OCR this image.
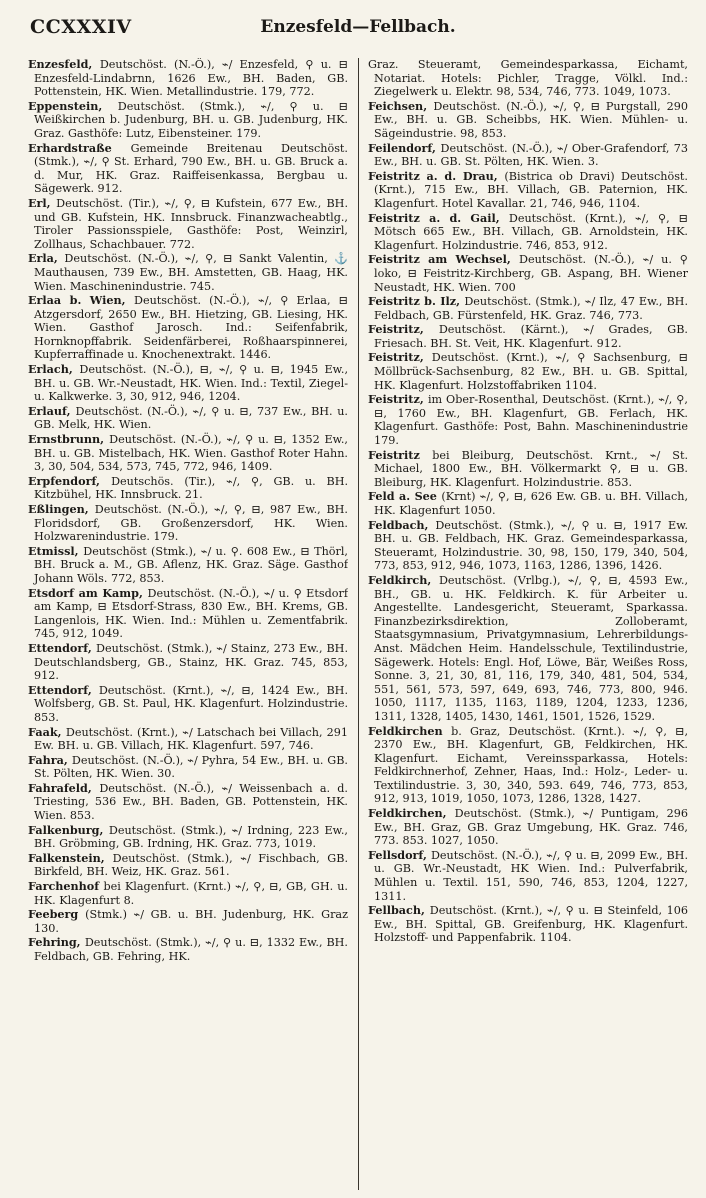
CCXXXIV	Enzesfeld—Fellbach.

Enzesfeld, Deutschöst. (N.-Ö.), ⌁/ Enzesfeld, ⚲ u. ⊟ Enzesfeld-Lindabrnn, 1626 Ew., BH. Baden, GB. Pottenstein, HK. Wien. Metallindustrie. 179, 772.

Eppenstein, Deutschöst. (Stmk.), ⌁/, ⚲ u. ⊟ Weißkirchen b. Judenburg, BH. u. GB. Judenburg, HK. Graz. Gasthöfe: Lutz, Eibensteiner. 179.

Erhardstraße Gemeinde Breitenau Deutschöst. (Stmk.), ⌁/, ⚲ St. Erhard, 790 Ew., BH. u. GB. Bruck a. d. Mur, HK. Graz. Raiffeisenkassa, Bergbau u. Sägewerk. 912.

Erl, Deutschöst. (Tir.), ⌁/, ⚲, ⊟ Kufstein, 677 Ew., BH. und GB. Kufstein, HK. Innsbruck. Finanzwacheabtlg., Tiroler Passionsspiele, Gasthöfe: Post, Weinzirl, Zollhaus, Schachbauer. 772.

Erla, Deutschöst. (N.-Ö.), ⌁/, ⚲, ⊟ Sankt Valentin, ⚓ Mauthausen, 739 Ew., BH. Amstetten, GB. Haag, HK. Wien. Maschinenindustrie. 745.

Erlaa b. Wien, Deutschöst. (N.-Ö.), ⌁/, ⚲ Erlaa, ⊟ Atzgersdorf, 2650 Ew., BH. Hietzing, GB. Liesing, HK. Wien. Gasthof Jarosch. Ind.: Seifenfabrik, Hornknopffabrik. Seidenfärberei, Roßhaarspinnerei, Kupferraffinade u. Knochenextrakt. 1446.

Erlach, Deutschöst. (N.-Ö.), ⊟, ⌁/, ⚲ u. ⊟, 1945 Ew., BH. u. GB. Wr.-Neustadt, HK. Wien. Ind.: Textil, Ziegel- u. Kalkwerke. 3, 30, 912, 946, 1204.

Erlauf, Deutschöst. (N.-Ö.), ⌁/, ⚲ u. ⊟, 737 Ew., BH. u. GB. Melk, HK. Wien.

Ernstbrunn, Deutschöst. (N.-Ö.), ⌁/, ⚲ u. ⊟, 1352 Ew., BH. u. GB. Mistelbach, HK. Wien. Gasthof Roter Hahn. 3, 30, 504, 534, 573, 745, 772, 946, 1409.

Erpfendorf, Deutschös. (Tir.), ⌁/, ⚲, GB. u. BH. Kitzbühel, HK. Innsbruck. 21.

Eßlingen, Deutschöst. (N.-Ö.), ⌁/, ⚲, ⊟, 987 Ew., BH. Floridsdorf, GB. Großenzersdorf, HK. Wien. Holzwarenindustrie. 179.

Etmissl, Deutschöst (Stmk.), ⌁/ u. ⚲. 608 Ew., ⊟ Thörl, BH. Bruck a. M., GB. Aflenz, HK. Graz. Säge. Gasthof Johann Wöls. 772, 853.

Etsdorf am Kamp, Deutschöst. (N.-Ö.), ⌁/ u. ⚲ Etsdorf am Kamp, ⊟ Etsdorf-Strass, 830 Ew., BH. Krems, GB. Langenlois, HK. Wien. Ind.: Mühlen u. Zementfabrik. 745, 912, 1049.

Ettendorf, Deutschöst. (Stmk.), ⌁/ Stainz, 273 Ew., BH. Deutschlandsberg, GB., Stainz, HK. Graz. 745, 853, 912.

Ettendorf, Deutschöst. (Krnt.), ⌁/, ⊟, 1424 Ew., BH. Wolfsberg, GB. St. Paul, HK. Klagenfurt. Holzindustrie. 853.

Faak, Deutschöst. (Krnt.), ⌁/ Latschach bei Villach, 291 Ew. BH. u. GB. Villach, HK. Klagenfurt. 597, 746.

Fahra, Deutschöst. (N.-Ö.), ⌁/ Pyhra, 54 Ew., BH. u. GB. St. Pölten, HK. Wien. 30.

Fahrafeld, Deutschöst. (N.-Ö.), ⌁/ Weissenbach a. d. Triesting, 536 Ew., BH. Baden, GB. Pottenstein, HK. Wien. 853.

Falkenburg, Deutschöst. (Stmk.), ⌁/ Irdning, 223 Ew., BH. Gröbming, GB. Irdning, HK. Graz. 773, 1019.

Falkenstein, Deutschöst. (Stmk.), ⌁/ Fischbach, GB. Birkfeld, BH. Weiz, HK. Graz. 561.

Farchenhof bei Klagenfurt. (Krnt.) ⌁/, ⚲, ⊟, GB, GH. u. HK. Klagenfurt 8.

Feeberg (Stmk.) ⌁/ GB. u. BH. Judenburg, HK. Graz 130.

Fehring, Deutschöst. (Stmk.), ⌁/, ⚲ u. ⊟, 1332 Ew., BH. Feldbach, GB. Fehring, HK.

Graz. Steueramt, Gemeindesparkassa, Eichamt, Notariat. Hotels: Pichler, Tragge, Völkl. Ind.: Ziegelwerk u. Elektr. 98, 534, 746, 773. 1049, 1073.

Feichsen, Deutschöst. (N.-Ö.), ⌁/, ⚲, ⊟ Purgstall, 290 Ew., BH. u. GB. Scheibbs, HK. Wien. Mühlen- u. Sägeindustrie. 98, 853.

Feilendorf, Deutschöst. (N.-Ö.), ⌁/ Ober-Grafendorf, 73 Ew., BH. u. GB. St. Pölten, HK. Wien. 3.

Feistritz a. d. Drau, (Bistrica ob Dravi) Deutschöst. (Krnt.), 715 Ew., BH. Villach, GB. Paternion, HK. Klagenfurt. Hotel Kavallar. 21, 746, 946, 1104.

Feistritz a. d. Gail, Deutschöst. (Krnt.), ⌁/, ⚲, ⊟ Mötsch 665 Ew., BH. Villach, GB. Arnoldstein, HK. Klagenfurt. Holzindustrie. 746, 853, 912.

Feistritz am Wechsel, Deutschöst. (N.-Ö.), ⌁/ u. ⚲ loko, ⊟ Feistritz-Kirchberg, GB. Aspang, BH. Wiener Neustadt, HK. Wien. 700

Feistritz b. Ilz, Deutschöst. (Stmk.), ⌁/ Ilz, 47 Ew., BH. Feldbach, GB. Fürstenfeld, HK. Graz. 746, 773.

Feistritz, Deutschöst. (Kärnt.), ⌁/ Grades, GB. Friesach. BH. St. Veit, HK. Klagenfurt. 912.

Feistritz, Deutschöst. (Krnt.), ⌁/, ⚲ Sachsenburg, ⊟ Möllbrück-Sachsenburg, 82 Ew., BH. u. GB. Spittal, HK. Klagenfurt. Holzstoffabriken 1104.

Feistritz, im Ober-Rosenthal, Deutschöst. (Krnt.), ⌁/, ⚲, ⊟, 1760 Ew., BH. Klagenfurt, GB. Ferlach, HK. Klagenfurt. Gasthöfe: Post, Bahn. Maschinenindustrie 179.

Feistritz bei Bleiburg, Deutschöst. Krnt., ⌁/ St. Michael, 1800 Ew., BH. Völkermarkt ⚲, ⊟ u. GB. Bleiburg, HK. Klagenfurt. Holzindustrie. 853.

Feld a. See (Krnt) ⌁/, ⚲, ⊟, 626 Ew. GB. u. BH. Villach, HK. Klagenfurt 1050.

Feldbach, Deutschöst. (Stmk.), ⌁/, ⚲ u. ⊟, 1917 Ew. BH. u. GB. Feldbach, HK. Graz. Gemeindesparkassa, Steueramt, Holzindustrie. 30, 98, 150, 179, 340, 504, 773, 853, 912, 946, 1073, 1163, 1286, 1396, 1426.

Feldkirch, Deutschöst. (Vrlbg.), ⌁/, ⚲, ⊟, 4593 Ew., BH., GB. u. HK. Feldkirch. K. für Arbeiter u. Angestellte. Landesgericht, Steueramt, Sparkassa. Finanzbezirksdirektion, Zolloberamt, Staatsgymnasium, Privatgymnasium, Lehrerbildungs-Anst. Mädchen Heim. Handelsschule, Textilindustrie, Sägewerk. Hotels: Engl. Hof, Löwe, Bär, Weißes Ross, Sonne. 3, 21, 30, 81, 116, 179, 340, 481, 504, 534, 551, 561, 573, 597, 649, 693, 746, 773, 800, 946. 1050, 1117, 1135, 1163, 1189, 1204, 1233, 1236, 1311, 1328, 1405, 1430, 1461, 1501, 1526, 1529.

Feldkirchen b. Graz, Deutschöst. (Krnt.). ⌁/, ⚲, ⊟, 2370 Ew., BH. Klagenfurt, GB, Feldkirchen, HK. Klagenfurt. Eichamt, Vereinssparkassa, Hotels: Feldkirchnerhof, Zehner, Haas, Ind.: Holz-, Leder- u. Textilindustrie. 3, 30, 340, 593. 649, 746, 773, 853, 912, 913, 1019, 1050, 1073, 1286, 1328, 1427.

Feldkirchen, Deutschöst. (Stmk.), ⌁/ Puntigam, 296 Ew., BH. Graz, GB. Graz Umgebung, HK. Graz. 746, 773. 853. 1027, 1050.

Fellsdorf, Deutschöst. (N.-Ö.), ⌁/, ⚲ u. ⊟, 2099 Ew., BH. u. GB. Wr.-Neustadt, HK Wien. Ind.: Pulverfabrik, Mühlen u. Textil. 151, 590, 746, 853, 1204, 1227, 1311.

Fellbach, Deutschöst. (Krnt.), ⌁/, ⚲ u. ⊟ Steinfeld, 106 Ew., BH. Spittal, GB. Greifenburg, HK. Klagenfurt. Holzstoff- und Pappenfabrik. 1104.
